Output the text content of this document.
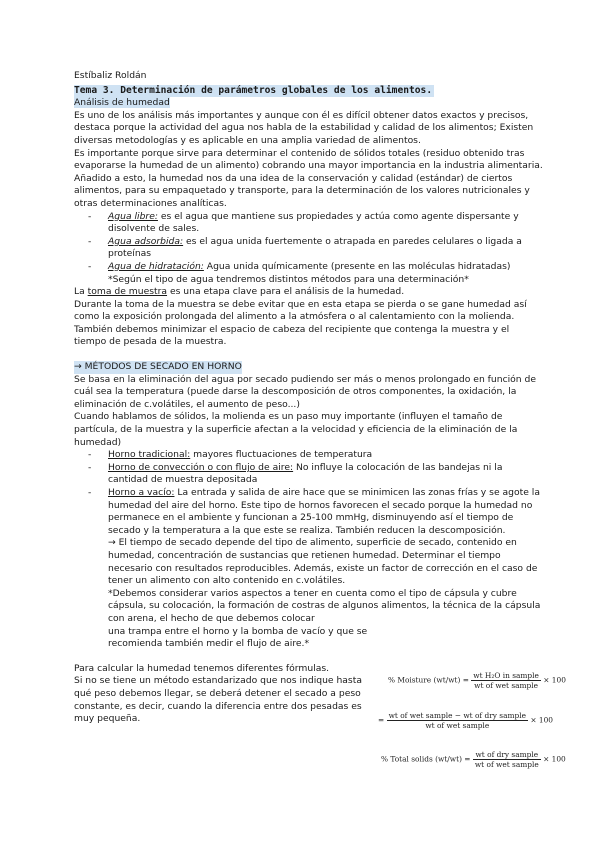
Estíbaliz Roldán

Tema 3. Determinación de parámetros globales de los alimentos.

Análisis de humedad

Es uno de los análisis más importantes y aunque con él es difícil obtener datos exactos y precisos, destaca porque la actividad del agua nos habla de la estabilidad y calidad de los alimentos; Existen diversas metodologías y es aplicable en una amplia variedad de alimentos.

Es importante porque sirve para determinar el contenido de sólidos totales (residuo obtenido tras evaporarse la humedad de un alimento) cobrando una mayor importancia en la industria alimentaria. Añadido a esto, la humedad nos da una idea de la conservación y calidad (estándar) de ciertos alimentos, para su empaquetado y transporte, para la determinación de los valores nutricionales y otras determinaciones analíticas.

- Agua libre: es el agua que mantiene sus propiedades y actúa como agente dispersante y disolvente de sales.
- Agua adsorbida: es el agua unida fuertemente o atrapada en paredes celulares o ligada a proteínas
- Agua de hidratación: Agua unida químicamente (presente en las moléculas hidratadas)

*Según el tipo de agua tendremos distintos métodos para una determinación*

La toma de muestra es una etapa clave para el análisis de la humedad.

Durante la toma de la muestra se debe evitar que en esta etapa se pierda o se gane humedad así como la exposición prolongada del alimento a la atmósfera o al calentamiento con la molienda. También debemos minimizar el espacio de cabeza del recipiente que contenga la muestra y el tiempo de pesada de la muestra.

→ MÉTODOS DE SECADO EN HORNO

Se basa en la eliminación del agua por secado pudiendo ser más o menos prolongado en función de cuál sea la temperatura (puede darse la descomposición de otros componentes, la oxidación, la eliminación de c.volátiles, el aumento de peso...)

Cuando hablamos de sólidos, la molienda es un paso muy importante (influyen el tamaño de partícula, de la muestra y la superficie afectan a la velocidad y eficiencia de la eliminación de la humedad)

- Horno tradicional: mayores fluctuaciones de temperatura
- Horno de convección o con flujo de aire: No influye la colocación de las bandejas ni la cantidad de muestra depositada
- Horno a vacío: La entrada y salida de aire hace que se minimicen las zonas frías y se agote la humedad del aire del horno. Este tipo de hornos favorecen el secado porque la humedad no permanece en el ambiente y funcionan a 25-100 mmHg, disminuyendo así el tiempo de secado y la temperatura a la que este se realiza. También reducen la descomposición.

→ El tiempo de secado depende del tipo de alimento, superficie de secado, contenido en humedad, concentración de sustancias que retienen humedad. Determinar el tiempo necesario con resultados reproducibles. Además, existe un factor de corrección en el caso de tener un alimento con alto contenido en c.volátiles.

*Debemos considerar varios aspectos a tener en cuenta como el tipo de cápsula y cubre cápsula, su colocación, la formación de costras de algunos alimentos, la técnica de la cápsula con arena, el hecho de que debemos colocar

una trampa entre el horno y la bomba de vacío y que se

recomienda también medir el flujo de aire.*

Para calcular la humedad tenemos diferentes fórmulas.

Si no se tiene un método estandarizado que nos indique hasta

qué peso debemos llegar, se deberá detener el secado a peso

constante, es decir, cuando la diferencia entre dos pesadas es

muy pequeña.

% Moisture $(wt/wt) = \frac{\text{wt H₂O in sample}}{\text{wt of wet sample}} \times 100$
= $\frac{\text{wt of wet sample − wt of dry sample}}{\text{wt of wet sample}} \times 100$
% Total solids $(wt/wt) = \frac{\text{wt of dry sample}}{\text{wt of wet sample}} \times 100$
